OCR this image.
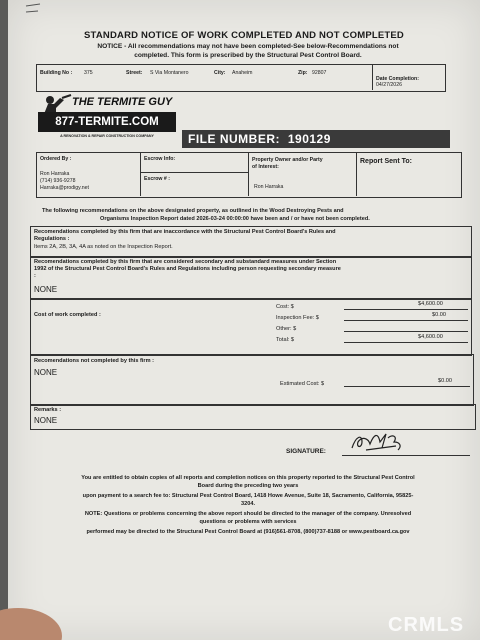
STANDARD NOTICE OF WORK COMPLETED AND NOT COMPLETED
NOTICE - All recommendations may not have been completed-See below-Recommendations not
completed. This form is prescribed by the Structural Pest Control Board.
Building No : 375	Street: S Via Montanero	City: Anaheim	Zip: 92807
Date Completion:
04/27/2026
THE TERMITE GUY
877-TERMITE.COM
A RENOVATION & REPAIR CONSTRUCTION COMPANY	FILE NUMBER: 190129
Ordered By :
Ron Harraka
(714) 936-9278
Harraka@prodigy.net
Escrow Info:
Escrow # :
Property Owner and/or Party
of Interest:
Ron Harraka
Report Sent To:
The following recommendations on the above designated property, as outlined in the Wood Destroying Pests and
Organisms Inspection Report dated 2026-03-24 00:00:00 have been and / or have not been completed.
Recomendations completed by this firm that are inaccordance with the Structural Pest Control Board's Rules and
Regulations :
Items 2A, 2B, 3A, 4A as noted on the Inspection Report.
Recomendations completed by this firm that are considered secondary and substandard measures under Section
1992 of the Structural Pest Control Board's Rules and Regulations including person requesting secondary measure
:
NONE
Cost of work completed :
Cost: $	$4,600.00
Inspection Fee: $	$0.00
Other: $
Total: $	$4,600.00
Recomendations not completed by this firm :
NONE
Estimated Cost: $	$0.00
Remarks :
NONE
SIGNATURE:
You are entitled to obtain copies of all reports and completion notices on this property reported to the Structural Pest Control
Board during the preceding two years
upon payment to a search fee to: Structural Pest Control Board, 1418 Howe Avenue, Suite 18, Sacramento, California, 95825-
3204.
NOTE: Questions or problems concerning the above report should be directed to the manager of the company. Unresolved
questions or problems with services
performed may be directed to the Structural Pest Control Board at (916)561-8708, (800)737-8188 or www.pestboard.ca.gov
CRMLS
